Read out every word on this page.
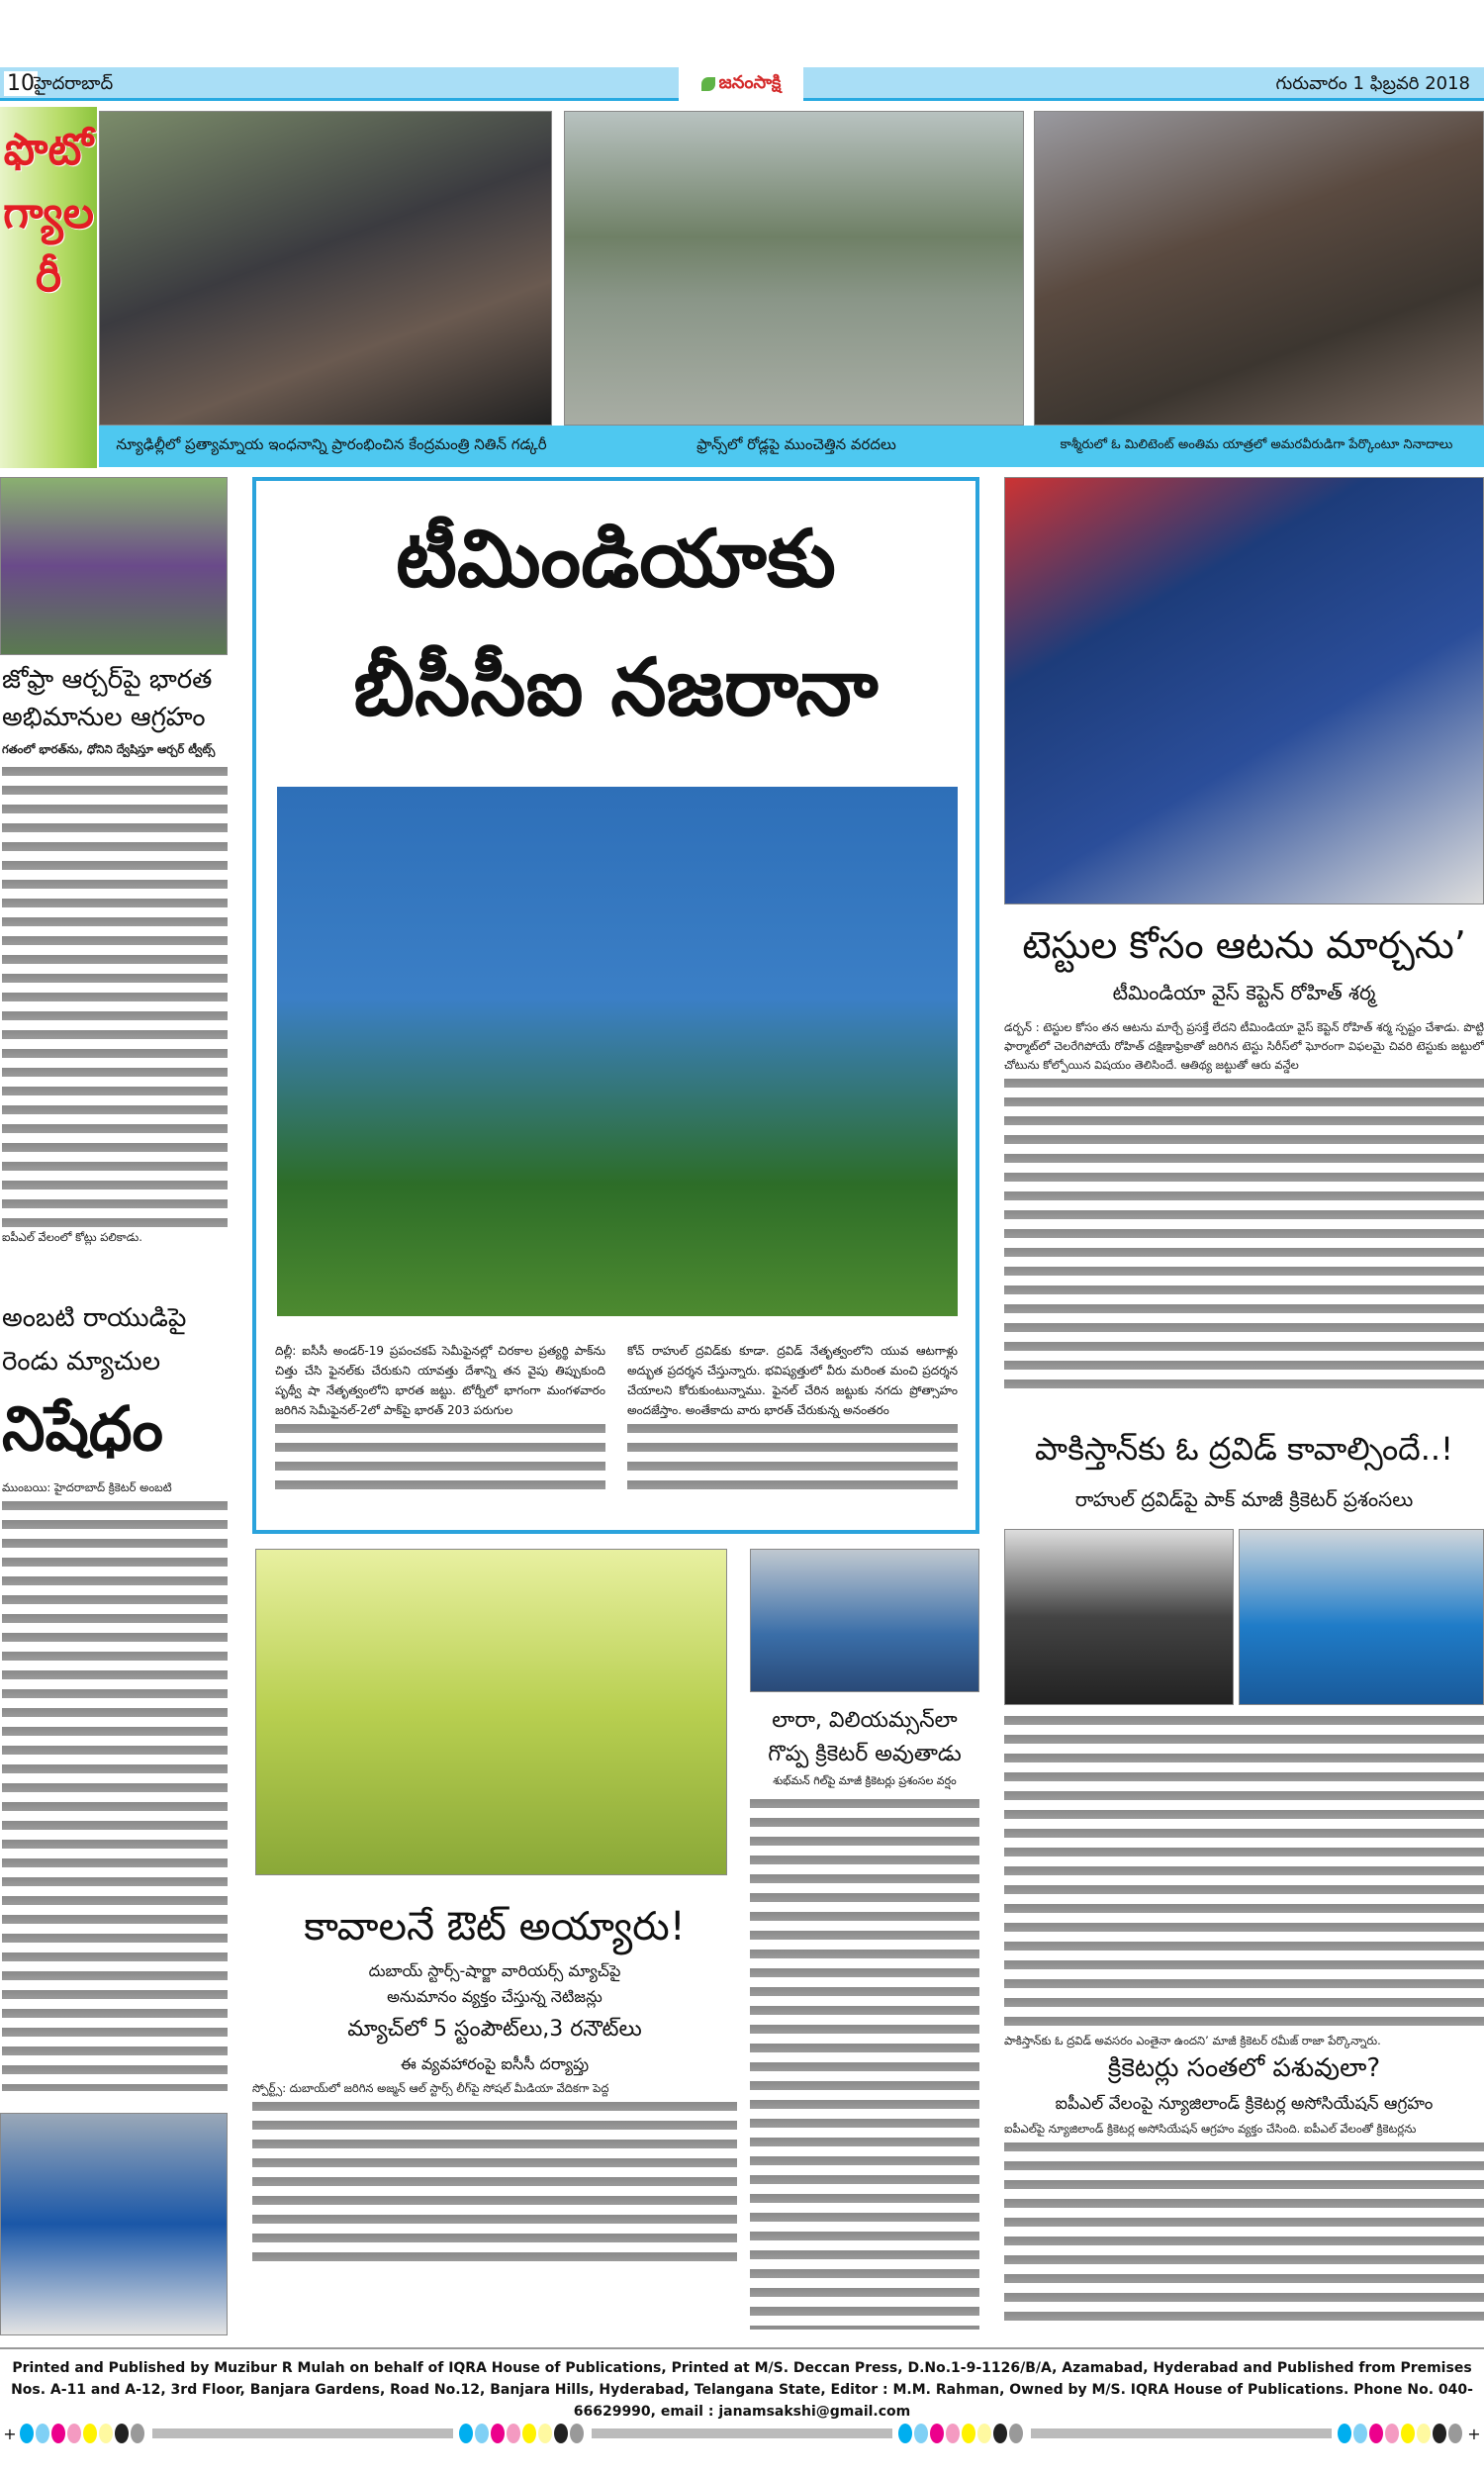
10 హైదరాబాద్	జనంసాక్షి	గురువారం 1 ఫిబ్రవరి 2018
ఫొటో గ్యాలరీ
న్యూఢిల్లీలో ప్రత్యామ్నాయ ఇంధనాన్ని ప్రారంభించిన కేంద్రమంత్రి నితిన్ గడ్కరీ	ఫ్రాన్స్‌లో రోడ్లపై ముంచెత్తిన వరదలు	కాశ్మీరులో ఓ మిలిటెంట్ అంతిమ యాత్రలో అమరవీరుడిగా పేర్కొంటూ నినాదాలు
జోఫ్రా ఆర్చర్‌పై భారత అభిమానుల ఆగ్రహం

గతంలో భారత్‌ను, ధోనిని ద్వేషిస్తూ ఆర్చర్ ట్వీట్స్

ఐపీఎల్ వేలంలో కోట్లు పలికాడు.

అంబటి రాయుడిపై
రెండు మ్యాచుల
నిషేధం

ముంబయి: హైదరాబాద్ క్రికెటర్ అంబటి

టీమిండియాకు
బీసీసీఐ నజరానా

దిల్లీ: ఐసీసీ అండర్‌-19 ప్రపంచకప్ సెమీఫైనల్లో చిరకాల ప్రత్యర్థి పాక్‌ను చిత్తు చేసి ఫైనల్‌కు చేరుకుని యావత్తు దేశాన్ని తన వైపు తిప్పుకుంది పృథ్వీ షా నేతృత్వంలోని భారత జట్టు. టోర్నీలో భాగంగా మంగళవారం జరిగిన సెమీఫైనల్‌-2లో పాక్‌పై భారత్ 203 పరుగుల

కోచ్ రాహుల్ ద్రవిడ్‌కు కూడా. ద్రవిడ్ నేతృత్వంలోని యువ ఆటగాళ్లు అద్భుత ప్రదర్శన చేస్తున్నారు. భవిష్యత్తులో వీరు మరింత మంచి ప్రదర్శన చేయాలని కోరుకుంటున్నాము. ఫైనల్ చేరిన జట్టుకు నగదు ప్రోత్సాహం అందజేస్తాం. అంతేకాదు వారు భారత్ చేరుకున్న అనంతరం

టెస్టుల కోసం ఆటను మార్చను’
టీమిండియా వైస్ కెప్టెన్ రోహిత్ శర్మ

డర్బన్ : టెస్టుల కోసం తన ఆటను మార్చే ప్రసక్తే లేదని టీమిండియా వైస్ కెప్టెన్ రోహిత్ శర్మ స్పష్టం చేశాడు. పొట్టి ఫార్మాట్‌లో చెలరేగిపోయే రోహిత్ దక్షిణాఫ్రికాతో జరిగిన టెస్టు సిరీస్‌లో ఘోరంగా విఫలమై చివరి టెస్టుకు జట్టులో చోటును కోల్పోయిన విషయం తెలిసిందే. ఆతిథ్య జట్టుతో ఆరు వన్డేల

పాకిస్తాన్‌కు ఓ ద్రవిడ్ కావాల్సిందే..!
రాహుల్ ద్రవిడ్‌పై పాక్ మాజీ క్రికెటర్ ప్రశంసలు

పాకిస్తాన్‌కు ఓ ద్రవిడ్ అవసరం ఎంతైనా ఉందని’ మాజీ క్రికెటర్ రమీజ్ రాజా పేర్కొన్నారు.

క్రికెటర్లు సంతలో పశువులా?
ఐపీఎల్ వేలంపై న్యూజిలాండ్ క్రికెటర్ల అసోసియేషన్ ఆగ్రహం

ఐపీఎల్‌పై న్యూజిలాండ్ క్రికెటర్ల అసోసియేషన్ ఆగ్రహం వ్యక్తం చేసింది. ఐపీఎల్ వేలంతో క్రికెటర్లను

లారా, విలియమ్సన్‌లా గొప్ప క్రికెటర్ అవుతాడు
శుభ్‌మన్ గిల్‌పై మాజీ క్రికెటర్లు ప్రశంసల వర్షం
కావాలనే ఔట్ అయ్యారు!
దుబాయ్ స్టార్స్-షార్జా వారియర్స్ మ్యాచ్‌పై
అనుమానం వ్యక్తం చేస్తున్న నెటిజన్లు
మ్యాచ్‌లో 5 స్టంపౌట్‌లు,3 రనౌట్‌లు
ఈ వ్యవహారంపై ఐసీసీ దర్యాప్తు

స్పోర్ట్స్: దుబాయ్‌లో జరిగిన అజ్మన్ ఆల్ స్టార్స్ లీగ్‌పై సోషల్ మీడియా వేదికగా పెద్ద

Printed and Published by Muzibur R Mulah on behalf of IQRA House of Publications, Printed at M/S. Deccan Press, D.No.1-9-1126/B/A, Azamabad, Hyderabad and Published from Premises Nos. A-11 and A-12, 3rd Floor, Banjara Gardens, Road No.12, Banjara Hills, Hyderabad, Telangana State, Editor : M.M. Rahman, Owned by M/S. IQRA House of Publications. Phone No. 040-66629990, email : janamsakshi@gmail.com
+	+
